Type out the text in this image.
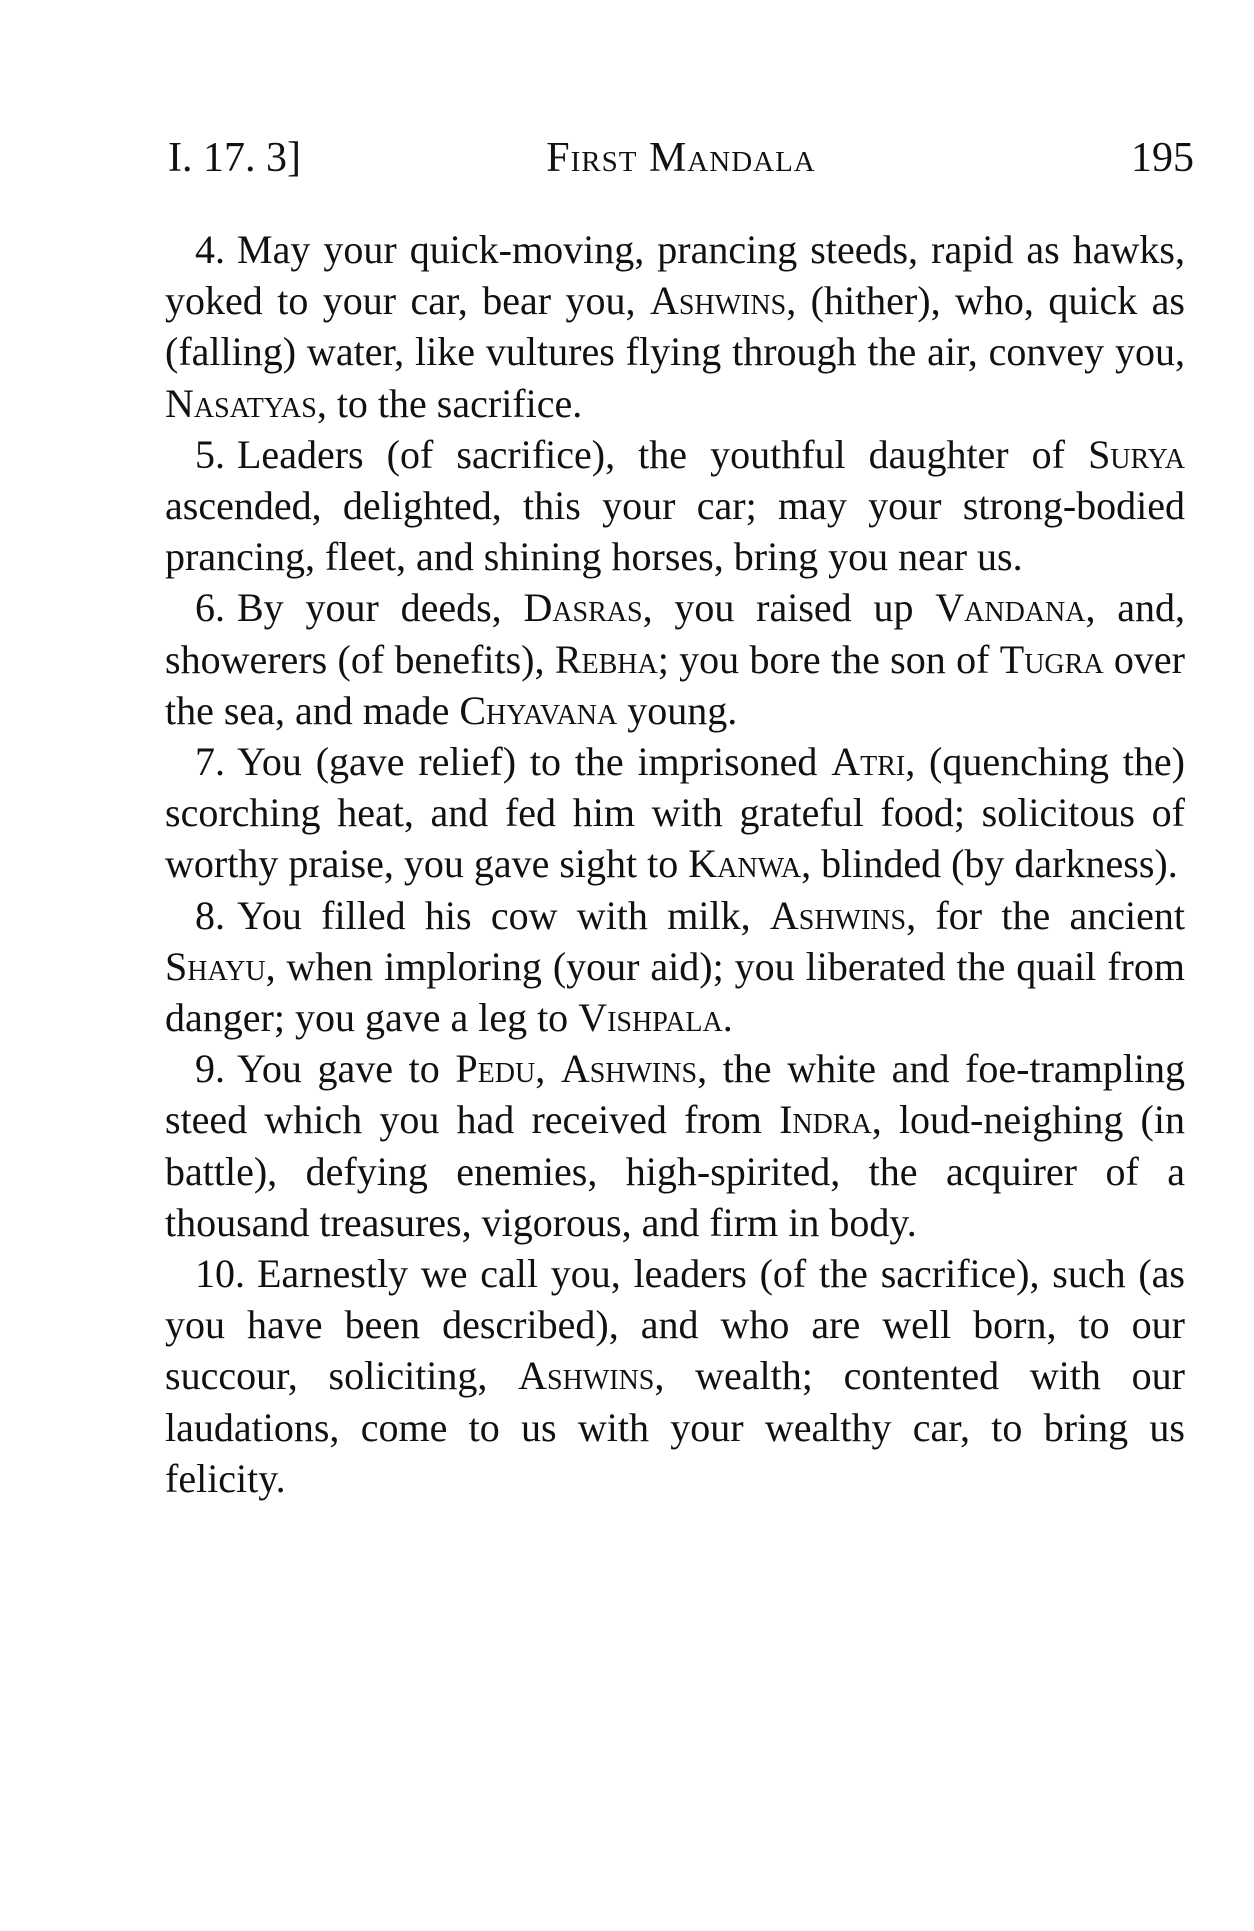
I. 17. 3]	First Mandala	195

4. May your quick-moving, prancing steeds, rapid as hawks, yoked to your car, bear you, Ashwins, (hither), who, quick as (falling) water, like vultures flying through the air, convey you, Nasatyas, to the sacrifice.

5. Leaders (of sacrifice), the youthful daughter of Surya ascended, delighted, this your car; may your strong-bodied prancing, fleet, and shining horses, bring you near us.

6. By your deeds, Dasras, you raised up Vandana, and, showerers (of benefits), Rebha; you bore the son of Tugra over the sea, and made Chyavana young.

7. You (gave relief) to the imprisoned Atri, (quenching the) scorching heat, and fed him with grateful food; solicitous of worthy praise, you gave sight to Kanwa, blinded (by darkness).

8. You filled his cow with milk, Ashwins, for the ancient Shayu, when imploring (your aid); you liberated the quail from danger; you gave a leg to Vishpala.

9. You gave to Pedu, Ashwins, the white and foe-trampling steed which you had received from Indra, loud-neighing (in battle), defying enemies, high-spirited, the acquirer of a thousand treasures, vigorous, and firm in body.

10. Earnestly we call you, leaders (of the sacrifice), such (as you have been described), and who are well born, to our succour, soliciting, Ashwins, wealth; contented with our laudations, come to us with your wealthy car, to bring us felicity.
